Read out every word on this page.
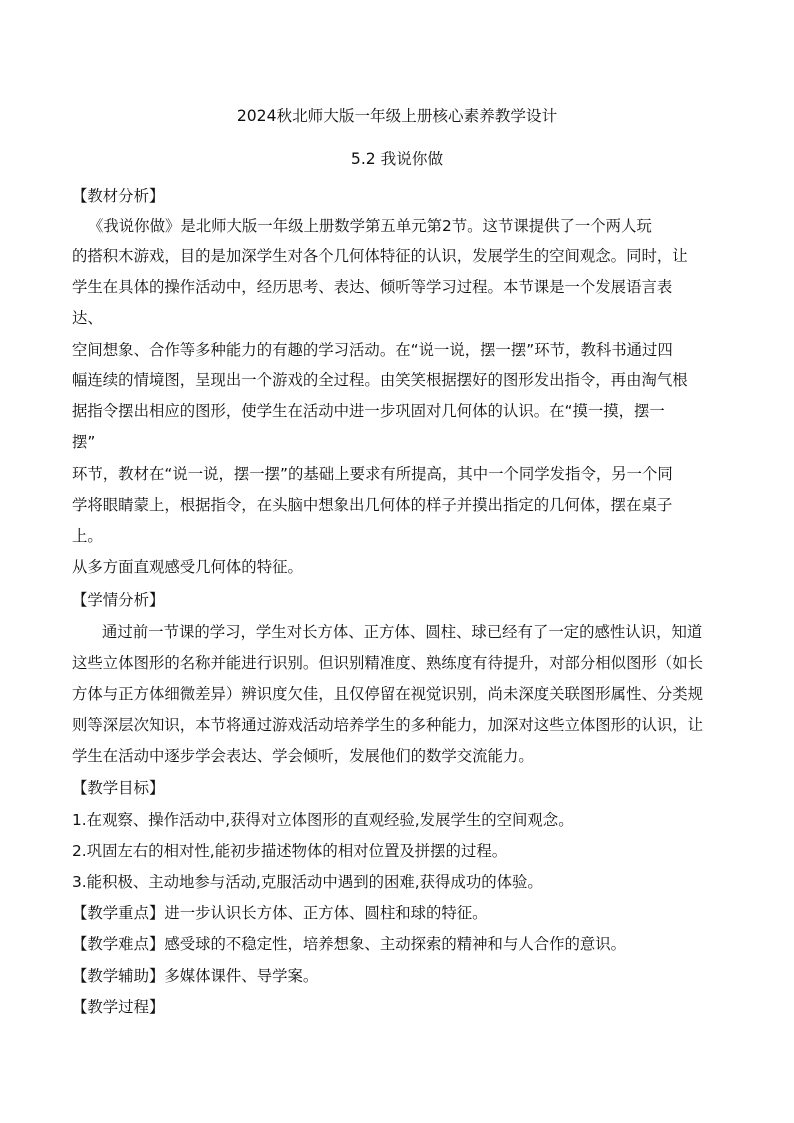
2024秋北师大版一年级上册核心素养教学设计
5.2 我说你做
【教材分析】
《我说你做》是北师大版一年级上册数学第五单元第2节。这节课提供了一个两人玩
的搭积木游戏，目的是加深学生对各个几何体特征的认识，发展学生的空间观念。同时，让
学生在具体的操作活动中，经历思考、表达、倾听等学习过程。本节课是一个发展语言表
达、
空间想象、合作等多种能力的有趣的学习活动。在“说一说，摆一摆”环节，教科书通过四
幅连续的情境图，呈现出一个游戏的全过程。由笑笑根据摆好的图形发出指令，再由淘气根
据指令摆出相应的图形，使学生在活动中进一步巩固对几何体的认识。在“摸一摸，摆一
摆”
环节，教材在“说一说，摆一摆”的基础上要求有所提高，其中一个同学发指令，另一个同
学将眼睛蒙上，根据指令，在头脑中想象出几何体的样子并摸出指定的几何体，摆在桌子
上。
从多方面直观感受几何体的特征。
【学情分析】
通过前一节课的学习，学生对长方体、正方体、圆柱、球已经有了一定的感性认识，知道
这些立体图形的名称并能进行识别。但识别精准度、熟练度有待提升，对部分相似图形（如长
方体与正方体细微差异）辨识度欠佳，且仅停留在视觉识别，尚未深度关联图形属性、分类规
则等深层次知识，本节将通过游戏活动培养学生的多种能力，加深对这些立体图形的认识，让
学生在活动中逐步学会表达、学会倾听，发展他们的数学交流能力。
【教学目标】
1.在观察、操作活动中,获得对立体图形的直观经验,发展学生的空间观念。
2.巩固左右的相对性,能初步描述物体的相对位置及拼摆的过程。
3.能积极、主动地参与活动,克服活动中遇到的困难,获得成功的体验。
【教学重点】进一步认识长方体、正方体、圆柱和球的特征。
【教学难点】感受球的不稳定性，培养想象、主动探索的精神和与人合作的意识。
【教学辅助】多媒体课件、导学案。
【教学过程】
